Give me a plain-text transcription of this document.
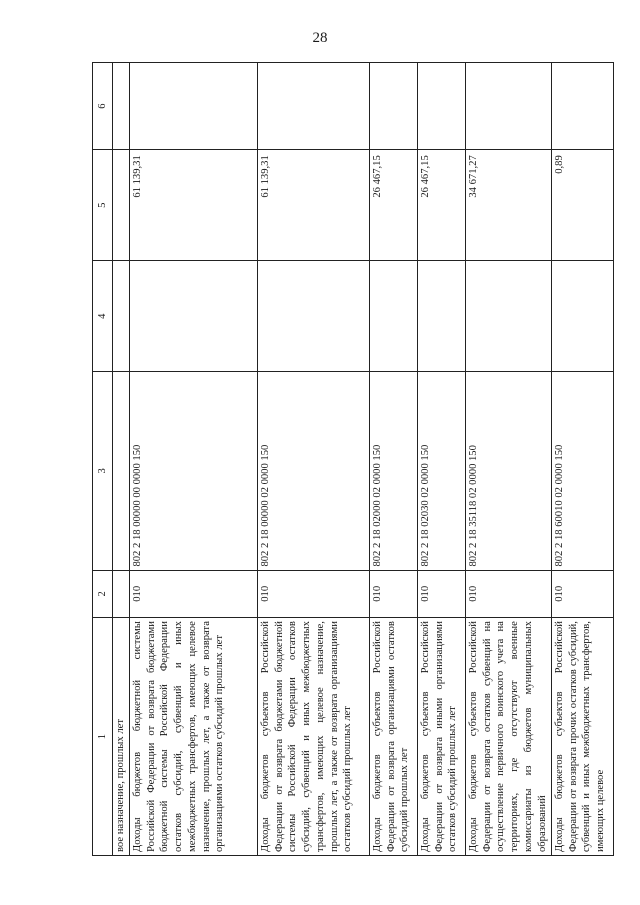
28
1	2	3	4	5	6
вое назначение, прошлых лет					
Доходы бюджетов бюджетной системы Российской Федерации от возврата бюджетами бюджетной системы Российской Федерации остатков субсидий, субвенций и иных межбюджетных трансфертов, имеющих целевое назначение, прошлых лет, а также от возврата организациями остатков субсидий прошлых лет	010	802 2 18 00000 00 0000 150		61 139,31	
Доходы бюджетов субъектов Российской Федерации от возврата бюджетами бюджетной системы Российской Федерации остатков субсидий, субвенций и иных межбюджетных трансфертов, имеющих целевое назначение, прошлых лет, а также от возврата организациями остатков субсидий прошлых лет	010	802 2 18 00000 02 0000 150		61 139,31	
Доходы бюджетов субъектов Российской Федерации от возврата организациями остатков субсидий прошлых лет	010	802 2 18 02000 02 0000 150		26 467,15	
Доходы бюджетов субъектов Российской Федерации от возврата иными организациями остатков субсидий прошлых лет	010	802 2 18 02030 02 0000 150		26 467,15	
Доходы бюджетов субъектов Российской Федерации от возврата остатков субвенций на осуществление первичного воинского учета на территориях, где отсутствуют военные комиссариаты из бюджетов муниципальных образований	010	802 2 18 35118 02 0000 150		34 671,27	
Доходы бюджетов субъектов Российской Федерации от возврата прочих остатков субсидий, субвенций и иных межбюджетных трансфертов, имеющих целевое	010	802 2 18 60010 02 0000 150		0,89	
